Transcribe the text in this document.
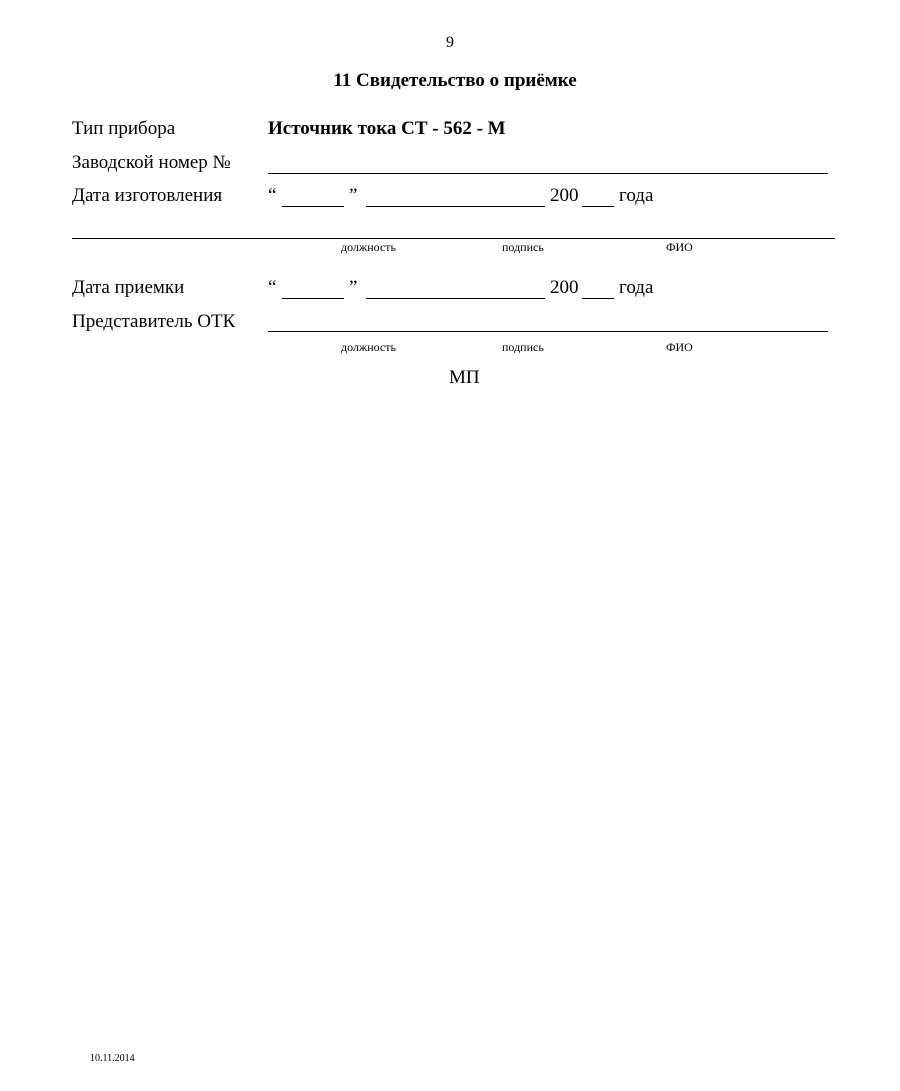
9
11 Свидетельство о приёмке
Тип прибора	Источник тока СТ - 562 - М
Заводской номер №
Дата изготовления “	”	200 года
должность	подпись	ФИО
Дата приемки	“	”	200 года
Представитель ОТК
должность	подпись	ФИО
МП
10.11.2014
